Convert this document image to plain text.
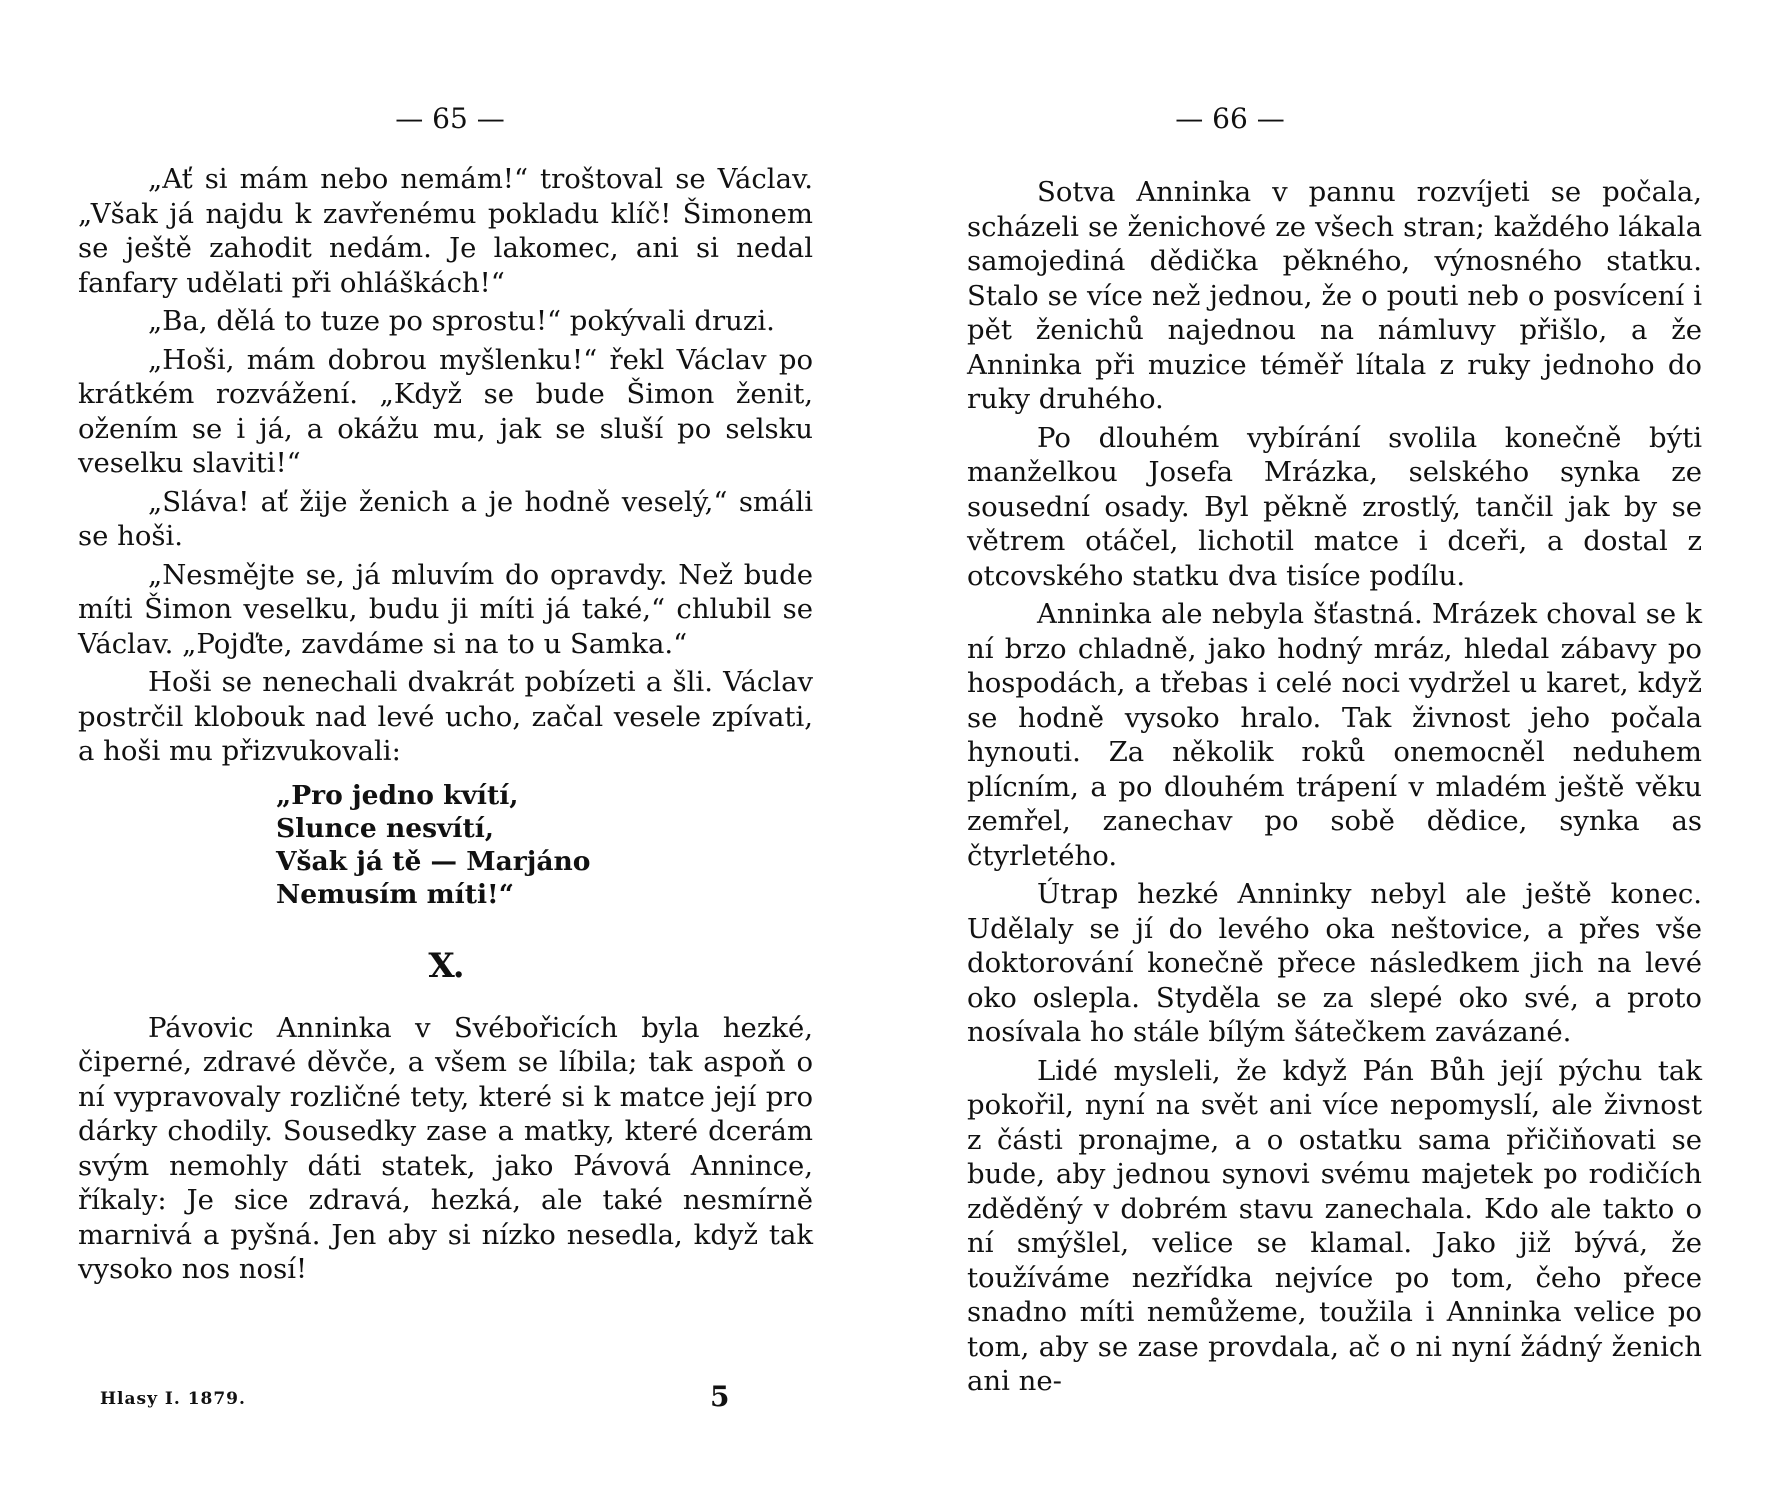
— 65 —

„Ať si mám nebo nemám!“ troštoval se Václav. „Však já najdu k zavřenému pokladu klíč! Šimonem se ještě zahodit nedám. Je lakomec, ani si nedal fanfary udělati při ohláškách!“

„Ba, dělá to tuze po sprostu!“ pokývali druzi.

„Hoši, mám dobrou myšlenku!“ řekl Václav po krátkém rozvážení. „Když se bude Šimon ženit, ožením se i já, a okážu mu, jak se sluší po selsku veselku slaviti!“

„Sláva! ať žije ženich a je hodně veselý,“ smáli se hoši.

„Nesmějte se, já mluvím do opravdy. Než bude míti Šimon veselku, budu ji míti já také,“ chlubil se Václav. „Pojďte, zavdáme si na to u Samka.“

Hoši se nenechali dvakrát pobízeti a šli. Václav postrčil klobouk nad levé ucho, začal vesele zpívati, a hoši mu přizvukovali:

„Pro jedno kvítí,
Slunce nesvítí,
Však já tě — Marjáno
Nemusím míti!“
X.

Pávovic Anninka v Svébořicích byla hezké, čiperné, zdravé děvče, a všem se líbila; tak aspoň o ní vypravovaly rozličné tety, které si k matce její pro dárky chodily. Sousedky zase a matky, které dcerám svým nemohly dáti statek, jako Pávová Annince, říkaly: Je sice zdravá, hezká, ale také nesmírně marnivá a pyšná. Jen aby si nízko nesedla, když tak vysoko nos nosí!

Hlasy I. 1879.	5
— 66 —

Sotva Anninka v pannu rozvíjeti se počala, scházeli se ženichové ze všech stran; každého lákala samojediná dědička pěkného, výnosného statku. Stalo se více než jednou, že o pouti neb o posvícení i pět ženichů najednou na námluvy přišlo, a že Anninka při muzice téměř lítala z ruky jednoho do ruky druhého.

Po dlouhém vybírání svolila konečně býti manželkou Josefa Mrázka, selského synka ze sousední osady. Byl pěkně zrostlý, tančil jak by se větrem otáčel, lichotil matce i dceři, a dostal z otcovského statku dva tisíce podílu.

Anninka ale nebyla šťastná. Mrázek choval se k ní brzo chladně, jako hodný mráz, hledal zábavy po hospodách, a třebas i celé noci vydržel u karet, když se hodně vysoko hralo. Tak živnost jeho počala hynouti. Za několik roků onemocněl neduhem plícním, a po dlouhém trápení v mladém ještě věku zemřel, zanechav po sobě dědice, synka as čtyrletého.

Útrap hezké Anninky nebyl ale ještě konec. Udělaly se jí do levého oka neštovice, a přes vše doktorování konečně přece následkem jich na levé oko oslepla. Styděla se za slepé oko své, a proto nosívala ho stále bílým šátečkem zavázané.

Lidé mysleli, že když Pán Bůh její pýchu tak pokořil, nyní na svět ani více nepomyslí, ale živnost z části pronajme, a o ostatku sama přičiňovati se bude, aby jednou synovi svému majetek po rodičích zděděný v dobrém stavu zanechala. Kdo ale takto o ní smýšlel, velice se klamal. Jako již bývá, že toužíváme nezřídka nejvíce po tom, čeho přece snadno míti nemůžeme, toužila i Anninka velice po tom, aby se zase provdala, ač o ni nyní žádný ženich ani ne-
